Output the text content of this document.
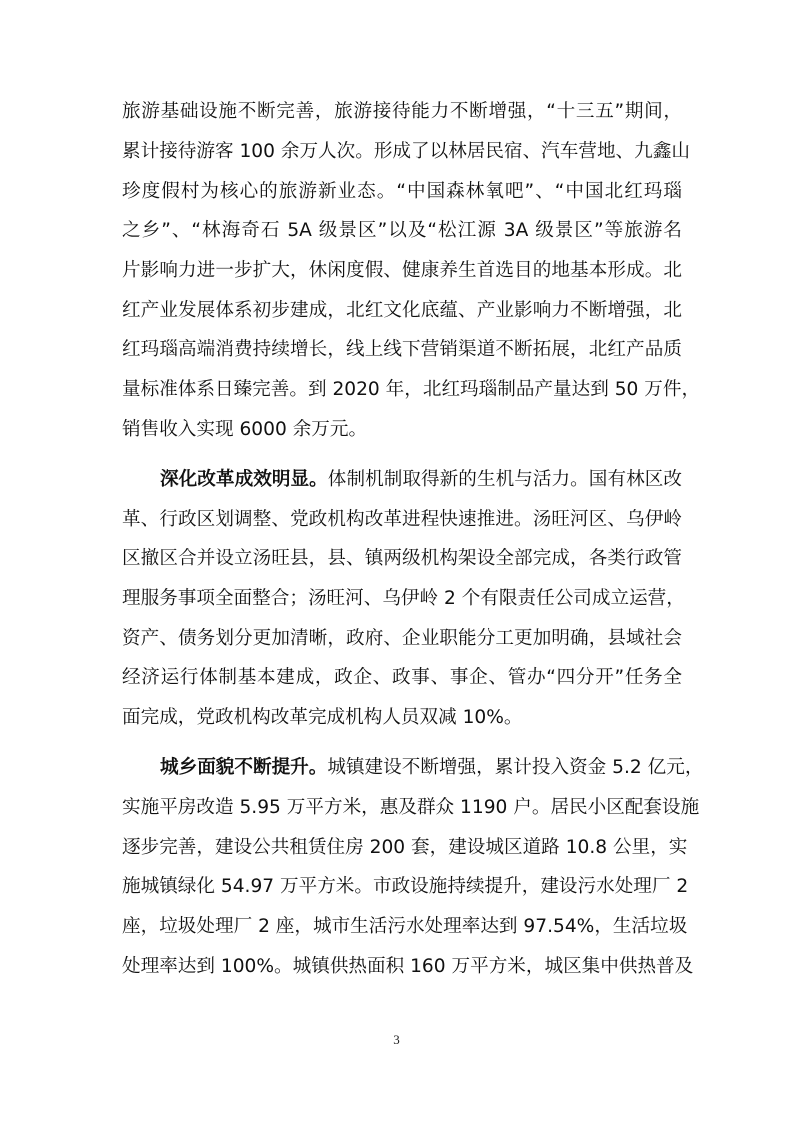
旅游基础设施不断完善，旅游接待能力不断增强，“十三五”期间，
累计接待游客 100 余万人次。形成了以林居民宿、汽车营地、九鑫山
珍度假村为核心的旅游新业态。“中国森林氧吧”、“中国北红玛瑙
之乡”、“林海奇石 5A 级景区”以及“松江源 3A 级景区”等旅游名
片影响力进一步扩大，休闲度假、健康养生首选目的地基本形成。北
红产业发展体系初步建成，北红文化底蕴、产业影响力不断增强，北
红玛瑙高端消费持续增长，线上线下营销渠道不断拓展，北红产品质
量标准体系日臻完善。到 2020 年，北红玛瑙制品产量达到 50 万件，
销售收入实现 6000 余万元。
深化改革成效明显。体制机制取得新的生机与活力。国有林区改
革、行政区划调整、党政机构改革进程快速推进。汤旺河区、乌伊岭
区撤区合并设立汤旺县，县、镇两级机构架设全部完成，各类行政管
理服务事项全面整合；汤旺河、乌伊岭 2 个有限责任公司成立运营，
资产、债务划分更加清晰，政府、企业职能分工更加明确，县域社会
经济运行体制基本建成，政企、政事、事企、管办“四分开”任务全
面完成，党政机构改革完成机构人员双减 10%。
城乡面貌不断提升。城镇建设不断增强，累计投入资金 5.2 亿元，
实施平房改造 5.95 万平方米，惠及群众 1190 户。居民小区配套设施
逐步完善，建设公共租赁住房 200 套，建设城区道路 10.8 公里，实
施城镇绿化 54.97 万平方米。市政设施持续提升，建设污水处理厂 2
座，垃圾处理厂 2 座，城市生活污水处理率达到 97.54%，生活垃圾
处理率达到 100%。城镇供热面积 160 万平方米，城区集中供热普及
3
